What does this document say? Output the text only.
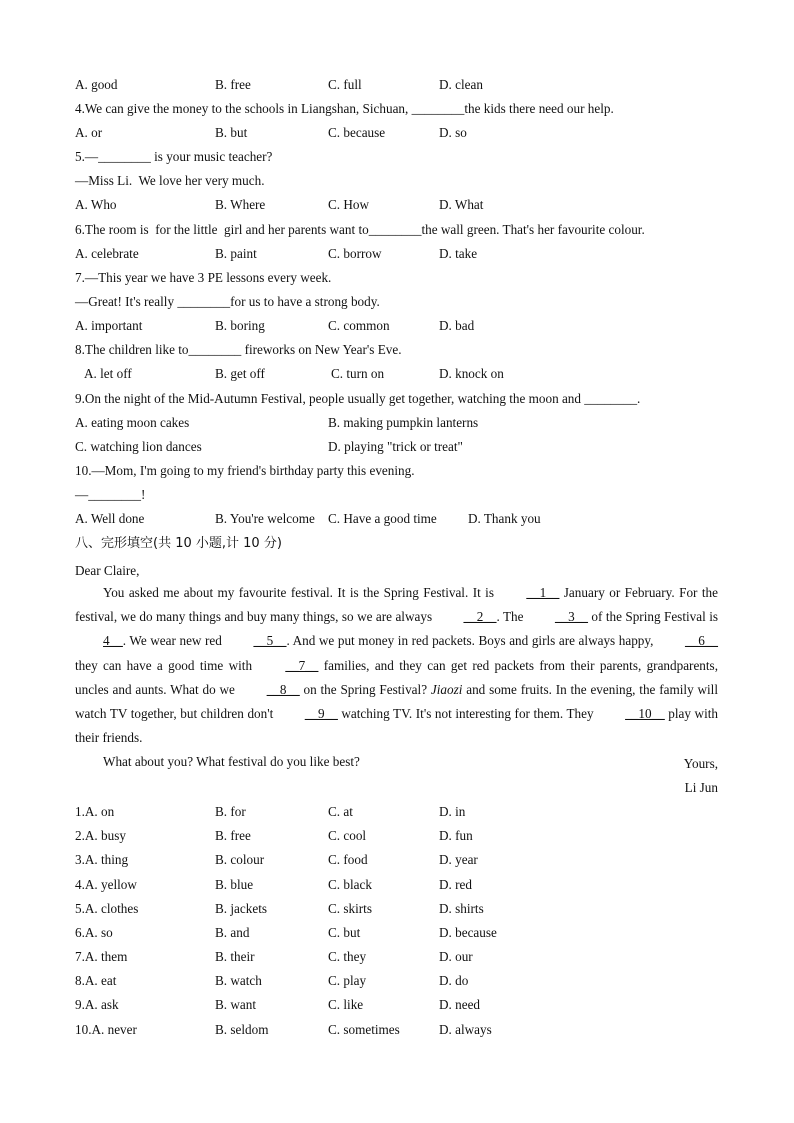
A. good	B. free	C. full	D. clean
4.We can give the money to the schools in Liangshan, Sichuan, ________the kids there need our help.
A. or	B. but	C. because	D. so
5.—________ is your music teacher?
—Miss Li.  We love her very much.
A. Who	B. Where	C. How	D. What
6.The room is  for the little  girl and her parents want to________the wall green. That's her favourite colour.
A. celebrate	B. paint	C. borrow	D. take
7.—This year we have 3 PE lessons every week.
—Great! It's really ________for us to have a strong body.
A. important	B. boring	C. common	D. bad
8.The children like to________ fireworks on New Year's Eve.
A. let off	B. get off	C. turn on	D. knock on
9.On the night of the Mid-Autumn Festival, people usually get together, watching the moon and ________.
A. eating moon cakes	B. making pumpkin lanterns
C. watching lion dances	D. playing "trick or treat"
10.—Mom, I'm going to my friend's birthday party this evening.
—________!
A. Well done	B. You're welcome C. Have a good time D. Thank you
八、完形填空(共 10 小题,计 10 分)
Dear Claire,

You asked me about my favourite festival. It is the Spring Festival. It is __1__ January or February. For the festival, we do many things and buy many things, so we are always __2__. The __3__ of the Spring Festival is 4__. We wear new red __5__. And we put money in red packets. Boys and girls are always happy, __6__ they can have a good time with __7__ families, and they can get red packets from their parents, grandparents, uncles and aunts. What do we __8__ on the Spring Festival? Jiaozi and some fruits. In the evening, the family will watch TV together, but children don't __9__ watching TV. It's not interesting for them. They __10__ play with their friends.

What about you? What festival do you like best?	Yours,
Li Jun
1.A. on	B. for	C. at	D. in
2.A. busy	B. free	C. cool	D. fun
3.A. thing	B. colour	C. food	D. year
4.A. yellow	B. blue	C. black	D. red
5.A. clothes	B. jackets	C. skirts	D. shirts
6.A. so	B. and	C. but	D. because
7.A. them	B. their	C. they	D. our
8.A. eat	B. watch	C. play	D. do
9.A. ask	B. want	C. like	D. need
10.A. never	B. seldom	C. sometimes	D. always
